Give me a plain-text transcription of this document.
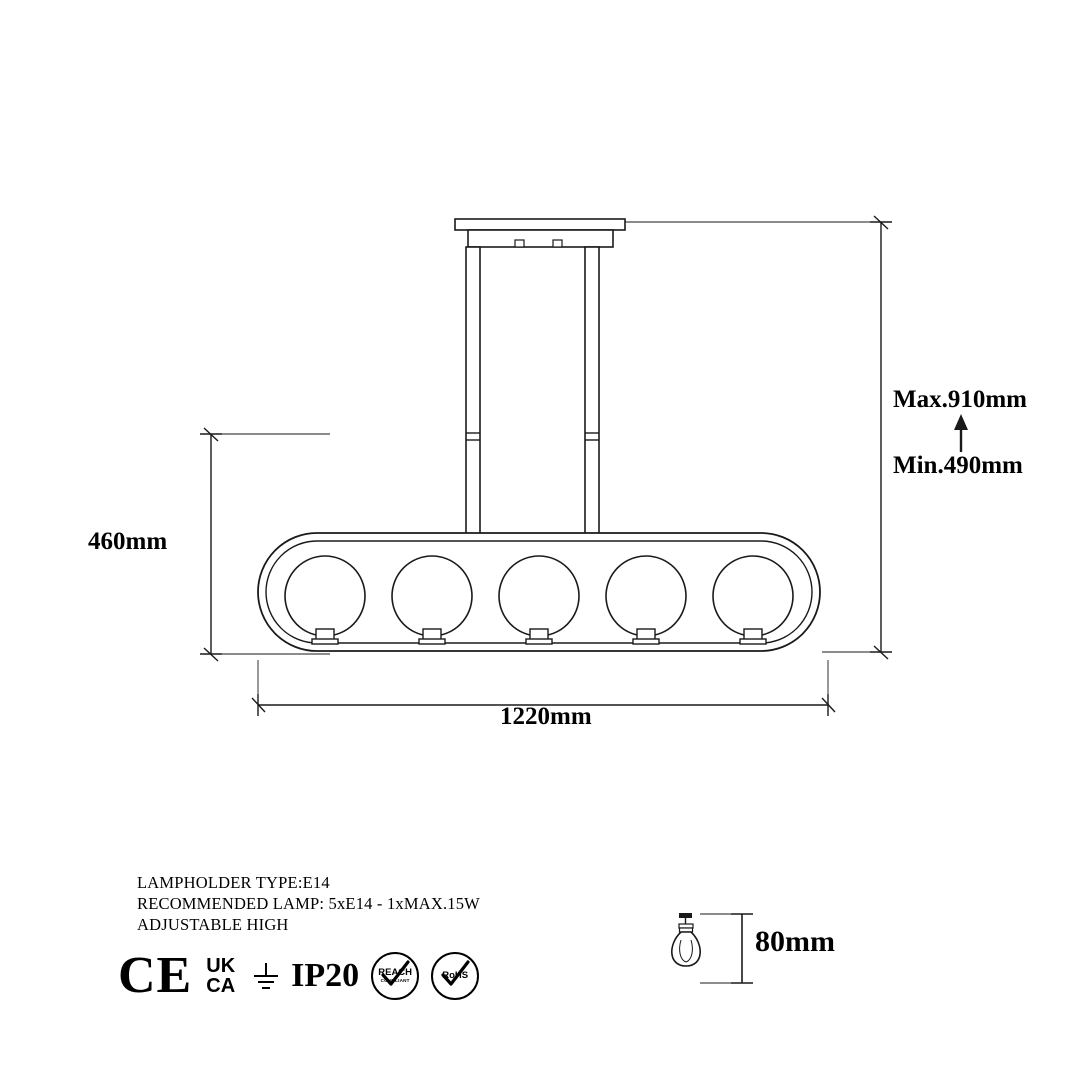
460mm
Max.910mm
Min.490mm
1220mm
80mm
LAMPHOLDER TYPE:E14
RECOMMENDED LAMP: 5xE14 - 1xMAX.15W
ADJUSTABLE HIGH
CE UK
CA IP20 REACH
COMPLIANT	RoHS
